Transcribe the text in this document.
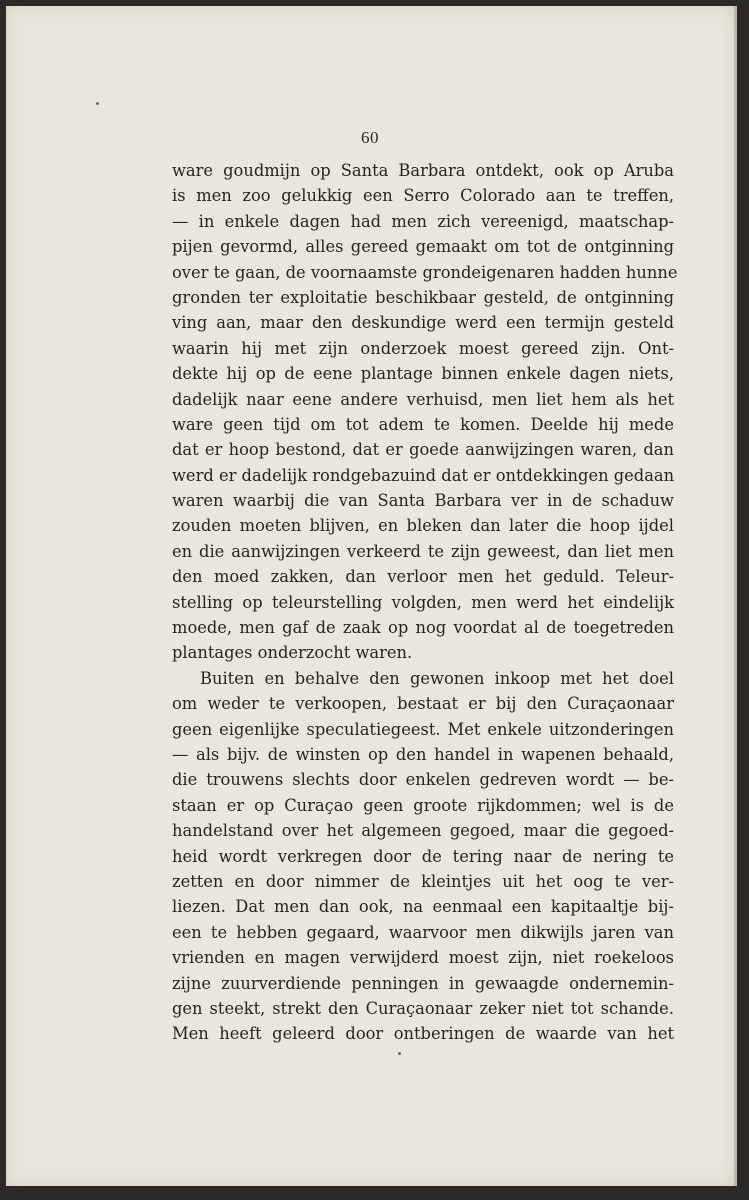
60
ware goudmijn op Santa Barbara ontdekt, ook op Aruba
is men zoo gelukkig een Serro Colorado aan te treffen,
— in enkele dagen had men zich vereenigd, maatschap-
pijen gevormd, alles gereed gemaakt om tot de ontginning
over te gaan, de voornaamste grondeigenaren hadden hunne
gronden ter exploitatie beschikbaar gesteld, de ontginning
ving aan, maar den deskundige werd een termijn gesteld
waarin hij met zijn onderzoek moest gereed zijn. Ont-
dekte hij op de eene plantage binnen enkele dagen niets,
dadelijk naar eene andere verhuisd, men liet hem als het
ware geen tijd om tot adem te komen. Deelde hij mede
dat er hoop bestond, dat er goede aanwijzingen waren, dan
werd er dadelijk rondgebazuind dat er ontdekkingen gedaan
waren waarbij die van Santa Barbara ver in de schaduw
zouden moeten blijven, en bleken dan later die hoop ijdel
en die aanwijzingen verkeerd te zijn geweest, dan liet men
den moed zakken, dan verloor men het geduld. Teleur-
stelling op teleurstelling volgden, men werd het eindelijk
moede, men gaf de zaak op nog voordat al de toegetreden
plantages onderzocht waren.
Buiten en behalve den gewonen inkoop met het doel
om weder te verkoopen, bestaat er bij den Curaçaonaar
geen eigenlijke speculatiegeest. Met enkele uitzonderingen
— als bijv. de winsten op den handel in wapenen behaald,
die trouwens slechts door enkelen gedreven wordt — be-
staan er op Curaçao geen groote rijkdommen; wel is de
handelstand over het algemeen gegoed, maar die gegoed-
heid wordt verkregen door de tering naar de nering te
zetten en door nimmer de kleintjes uit het oog te ver-
liezen. Dat men dan ook, na eenmaal een kapitaaltje bij-
een te hebben gegaard, waarvoor men dikwijls jaren van
vrienden en magen verwijderd moest zijn, niet roekeloos
zijne zuurverdiende penningen in gewaagde ondernemin-
gen steekt, strekt den Curaçaonaar zeker niet tot schande.
Men heeft geleerd door ontberingen de waarde van het
